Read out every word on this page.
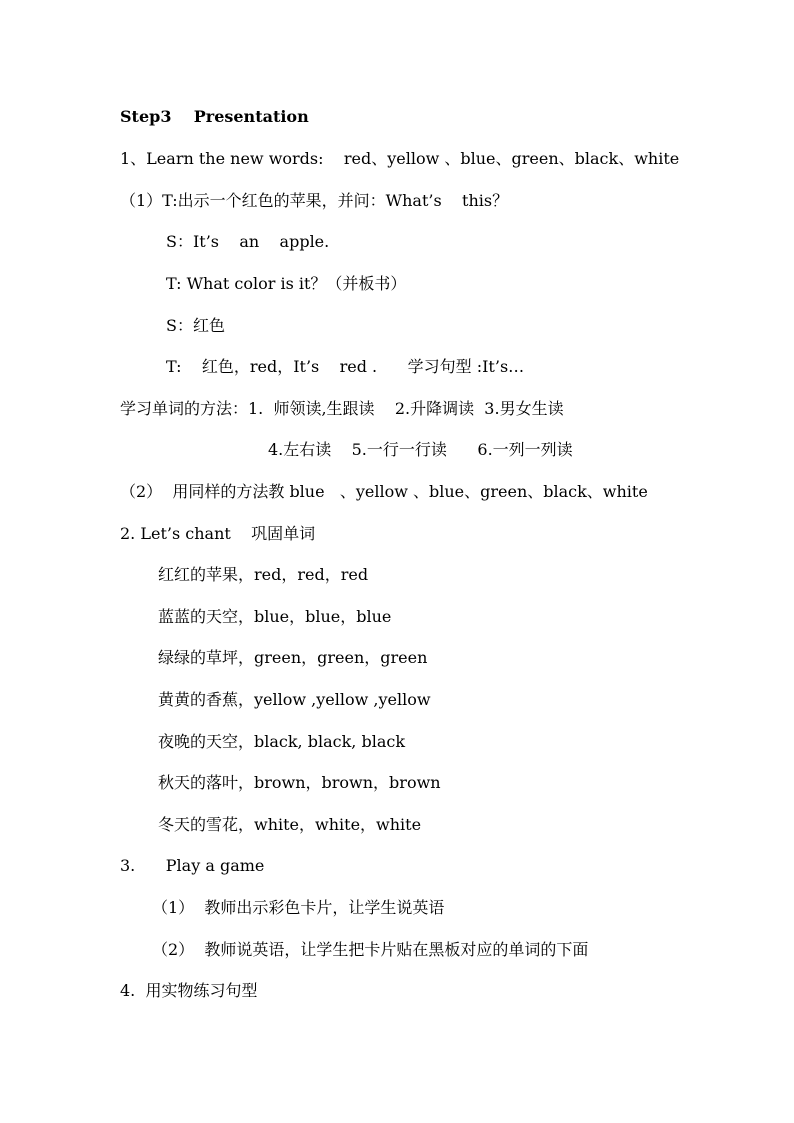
Step3    Presentation
1、Learn the new words:    red、yellow 、blue、green、black、white
（1）T:出示一个红色的苹果，并问：What’s    this？
S：It’s    an    apple.
T: What color is it？（并板书）
S：红色
T:    红色，red，It’s    red .      学习句型 :It’s…
学习单词的方法：1.  师领读,生跟读    2.升降调读  3.男女生读
4.左右读    5.一行一行读      6.一列一列读
（2）  用同样的方法教 blue   、yellow 、blue、green、black、white
2. Let’s chant    巩固单词
红红的苹果，red，red，red
蓝蓝的天空，blue，blue，blue
绿绿的草坪，green，green，green
黄黄的香蕉，yellow ,yellow ,yellow
夜晚的天空，black, black, black
秋天的落叶，brown，brown，brown
冬天的雪花，white，white，white
3.      Play a game
（1）  教师出示彩色卡片，让学生说英语
（2）  教师说英语，让学生把卡片贴在黑板对应的单词的下面
4.  用实物练习句型
